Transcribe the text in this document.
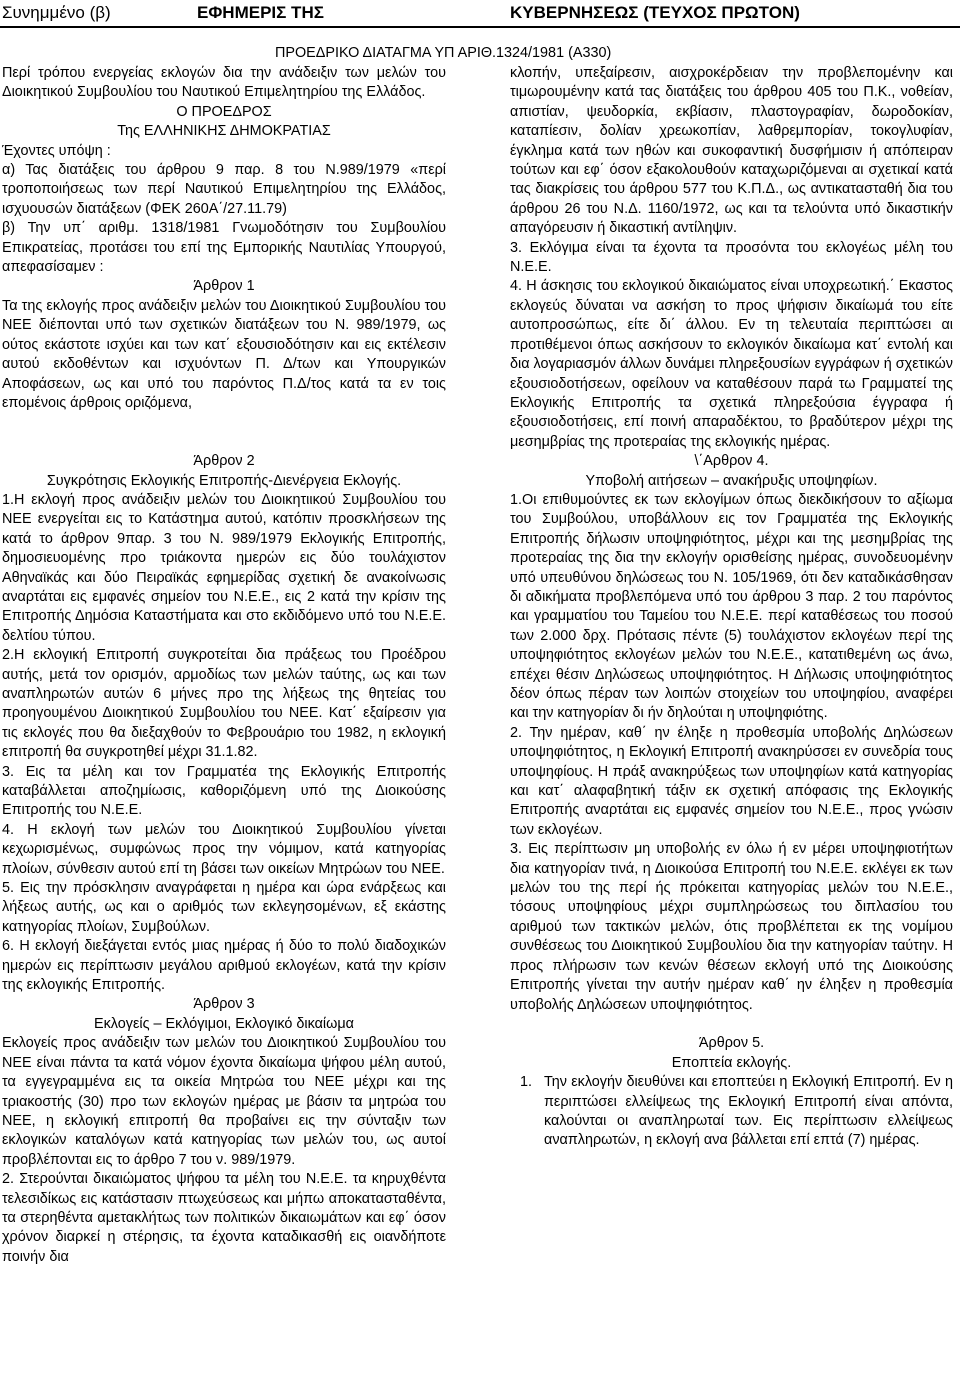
Συνημμένο (β)	ΕΦΗΜΕΡΙΣ ΤΗΣ	ΚΥΒΕΡΝΗΣΕΩΣ (ΤΕΥΧΟΣ ΠΡΩΤΟΝ)
ΠΡΟΕΔΡΙΚΟ ΔΙΑΤΑΓΜΑ ΥΠ ΑΡΙΘ.1324/1981 (Α330)

Περί τρόπου ενεργείας εκλογών δια την ανάδειξιν των μελών του Διοικητικού Συμβουλίου του Ναυτικού Επιμελητηρίου της Ελλάδος.

Ο ΠΡΟΕΔΡΟΣ

Της ΕΛΛΗΝΙΚΗΣ ΔΗΜΟΚΡΑΤΙΑΣ

Έχοντες υπόψη :

α) Τας διατάξεις του άρθρου 9 παρ. 8 του Ν.989/1979 «περί τροποποιήσεως των περί Ναυτικού Επιμελητηρίου της Ελλάδος, ισχυουσών διατάξεων (ΦΕΚ 260Α΄/27.11.79)

β) Την υπ΄ αριθμ. 1318/1981 Γνωμοδότησιν του Συμβουλίου Επικρατείας, προτάσει του επί της Εμπορικής Ναυτιλίας Υπουργού, απεφασίσαμεν :

Άρθρον 1

Τα της εκλογής προς ανάδειξιν μελών του Διοικητικού Συμβουλίου του ΝΕΕ διέπονται υπό των σχετικών διατάξεων του Ν. 989/1979, ως ούτος εκάστοτε ισχύει και των κατ΄ εξουσιοδότησιν και εις εκτέλεσιν αυτού εκδοθέντων και ισχυόντων Π. Δ/των και Υπουργικών Αποφάσεων, ως και υπό του παρόντος Π.Δ/τος κατά τα εν τοις επομένοις άρθροις οριζόμενα,

Άρθρον 2

Συγκρότησις Εκλογικής Επιτροπής-Διενέργεια Εκλογής.

1.Η εκλογή προς ανάδειξιν μελών του Διοικητιικού Συμβουλίου του ΝΕΕ ενεργείται εις το Κατάστημα αυτού, κατόπιν προσκλήσεων της κατά το άρθρον 9παρ. 3 του Ν. 989/1979 Εκλογικής Επιτροπής, δημοσιευομένης προ τριάκοντα ημερών εις δύο τουλάχιστον Αθηναϊκάς και δύο Πειραϊκάς εφημερίδας σχετική δε ανακοίνωσις αναρτάται εις εμφανές σημείον του Ν.Ε.Ε., εις 2 κατά την κρίσιν της Επιτροπής Δημόσια Καταστήματα και στο εκδιδόμενο υπό του Ν.Ε.Ε. δελτίου τύπου.

2.Η εκλογική Επιτροπή συγκροτείται δια πράξεως του Προέδρου αυτής, μετά τον ορισμόν, αρμοδίως των μελών ταύτης, ως και των αναπληρωτών αυτών 6 μήνες προ της λήξεως της θητείας του προηγουμένου Διοικητικού Συμβουλίου του ΝΕΕ. Κατ΄ εξαίρεσιν για τις εκλογές που θα διεξαχθούν το Φεβρουάριο του 1982, η εκλογική επιτροπή θα συγκροτηθεί μέχρι 31.1.82.

3. Εις τα μέλη και τον Γραμματέα της Εκλογικής Επιτροπής καταβάλλεται αποζημίωσις, καθοριζόμενη υπό της Διοικούσης Επιτροπής του Ν.Ε.Ε.

4. Η εκλογή των μελών του Διοικητικού Συμβουλίου γίνεται κεχωρισμένως, συμφώνως προς την νόμιμον, κατά κατηγορίας πλοίων, σύνθεσιν αυτού επί τη βάσει των οικείων Μητρώων του ΝΕΕ.

5. Εις την πρόσκλησιν αναγράφεται η ημέρα και ώρα ενάρξεως και λήξεως αυτής, ως και ο αριθμός των εκλεγησομένων, εξ εκάστης κατηγορίας πλοίων, Συμβούλων.

6. Η εκλογή διεξάγεται εντός μιας ημέρας ή δύο το πολύ διαδοχικών ημερών εις περίπτωσιν μεγάλου αριθμού εκλογέων, κατά την κρίσιν της εκλογικής Επιτροπής.

Άρθρον 3

Εκλογείς – Εκλόγιμοι, Εκλογικό δικαίωμα

Εκλογείς προς ανάδειξιν των μελών του Διοικητικού Συμβουλίου του ΝΕΕ είναι πάντα τα κατά νόμον έχοντα δικαίωμα ψήφου μέλη αυτού, τα εγγεγραμμένα εις τα οικεία Μητρώα του ΝΕΕ μέχρι και της τριακοστής (30) προ των εκλογών ημέρας με βάσιν τα μητρώα του ΝΕΕ, η εκλογική επιτροπή θα προβαίνει εις την σύνταξιν των εκλογικών καταλόγων κατά κατηγορίας των μελών του, ως αυτοί προβλέπονται εις το άρθρο 7 του ν. 989/1979.

2. Στερούνται δικαιώματος ψήφου τα μέλη του Ν.Ε.Ε. τα κηρυχθέντα τελεσιδίκως εις κατάστασιν πτωχεύσεως και μήπω αποκατασταθέντα, τα στερηθέντα αμετακλήτως των πολιτικών δικαιωμάτων και εφ΄ όσον χρόνον διαρκεί η στέρησις, τα έχοντα καταδικασθή εις οιανδήποτε ποινήν δια

κλοπήν, υπεξαίρεσιν, αισχροκέρδειαν την προβλεπομένην και τιμωρουμένην κατά τας διατάξεις του άρθρου 405 του Π.Κ., νοθείαν, απιστίαν, ψευδορκία, εκβίασιν, πλαστογραφίαν, δωροδοκίαν, καταπίεσιν, δολίαν χρεωκοπίαν, λαθρεμπορίαν, τοκογλυφίαν, έγκλημα κατά των ηθών και συκοφαντική δυσφήμισιν ή απόπειραν τούτων και εφ΄ όσον εξακολουθούν καταχωριζόμεναι αι σχετικαί κατά τας διακρίσεις του άρθρου 577 του Κ.Π.Δ., ως αντικατασταθή δια του άρθρου 26 του Ν.Δ. 1160/1972, ως και τα τελούντα υπό δικαστικήν απαγόρευσιν ή δικαστική αντίληψιν.

3. Εκλόγιμα είναι τα έχοντα τα προσόντα του εκλογέως μέλη του Ν.Ε.Ε.

4. Η άσκησις του εκλογικού δικαιώματος είναι υποχρεωτική.΄ Εκαστος εκλογεύς δύναται να ασκήση το προς ψήφισιν δικαίωμά του είτε αυτοπροσώπως, είτε δι΄ άλλου. Εν τη τελευταία περιπτώσει αι προτιθέμενοι όπως ασκήσουν το εκλογικόν δικαίωμα κατ΄ εντολή και δια λογαριασμόν άλλων δυνάμει πληρεξουσίων εγγράφων ή σχετικών εξουσιοδοτήσεων, οφείλουν να καταθέσουν παρά τω Γραμματεί της Εκλογικής Επιτροπής τα σχετικά πληρεξούσια έγγραφα ή εξουσιοδοτήσεις, επί ποινή απαραδέκτου, το βραδύτερον μέχρι της μεσημβρίας της προτεραίας της εκλογικής ημέρας.

\΄Αρθρον 4.

Υποβολή αιτήσεων – ανακήρυξις υποψηφίων.

1.Οι επιθυμούντες εκ των εκλογίμων όπως διεκδικήσουν το αξίωμα του Συμβούλου, υποβάλλουν εις τον Γραμματέα της Εκλογικής Επιτροπής δήλωσιν υποψηφιότητος, μέχρι και της μεσημβρίας της προτεραίας της δια την εκλογήν ορισθείσης ημέρας, συνοδευομένην υπό υπευθύνου δηλώσεως του Ν. 105/1969, ότι δεν καταδικάσθησαν δι αδικήματα προβλεπόμενα υπό του άρθρου 3 παρ. 2 του παρόντος και γραμματίου του Ταμείου του Ν.Ε.Ε. περί καταθέσεως του ποσού των 2.000 δρχ. Πρότασις πέντε (5) τουλάχιστον εκλογέων περί της υποψηφιότητος εκλογέων μελών του Ν.Ε.Ε., κατατιθεμένη ως άνω, επέχει θέσιν Δηλώσεως υποψηφιότητος. Η Δήλωσις υποψηφιότητος δέον όπως πέραν των λοιπών στοιχείων του υποψηφίου, αναφέρει και την κατηγορίαν δι ήν δηλούται η υποψηφιότης.

2. Την ημέραν, καθ΄ ην έληξε η προθεσμία υποβολής Δηλώσεων υποψηφιότητος, η Εκλογική Επιτροπή ανακηρύσσει εν συνεδρία τους υποψηφίους. Η πράξ ανακηρύξεως των υποψηφίων κατά κατηγορίας και κατ΄ αλαφαβητική τάξιν εκ σχετική απόφασις της Εκλογικής Επιτροπής αναρτάται εις εμφανές σημείον του Ν.Ε.Ε., προς γνώσιν των εκλογέων.

3. Εις περίπτωσιν μη υποβολής εν όλω ή εν μέρει υποψηφιοτήτων δια κατηγορίαν τινά, η Διοικούσα Επιτροπή του Ν.Ε.Ε. εκλέγει εκ των μελών του της περί ής πρόκειται κατηγορίας μελών του Ν.Ε.Ε., τόσους υποψηφίους μέχρι συμπληρώσεως του διπλασίου του αριθμού των τακτικών μελών, ότις προβλέπεται εκ της νομίμου συνθέσεως του Διοικητικού Συμβουλίου δια την κατηγορίαν ταύτην. Η προς πλήρωσιν των κενών θέσεων εκλογή υπό της Διοικούσης Επιτροπής γίνεται την αυτήν ημέραν καθ΄ ην έληξεν η προθεσμία υποβολής Δηλώσεων υποψηφιότητος.

Άρθρον 5.

Εποπτεία εκλογής.

1. Την εκλογήν διευθύνει και εποπτεύει η Εκλογική Επιτροπή. Εν η περιπτώσει ελλείψεως της Εκλογική Επιτροπή είναι απόντα, καλούνται οι αναπληρωταί των. Εις περίπτωσιν ελλείψεως αναπληρωτών, η εκλογή ανα βάλλεται επί επτά (7) ημέρας.
